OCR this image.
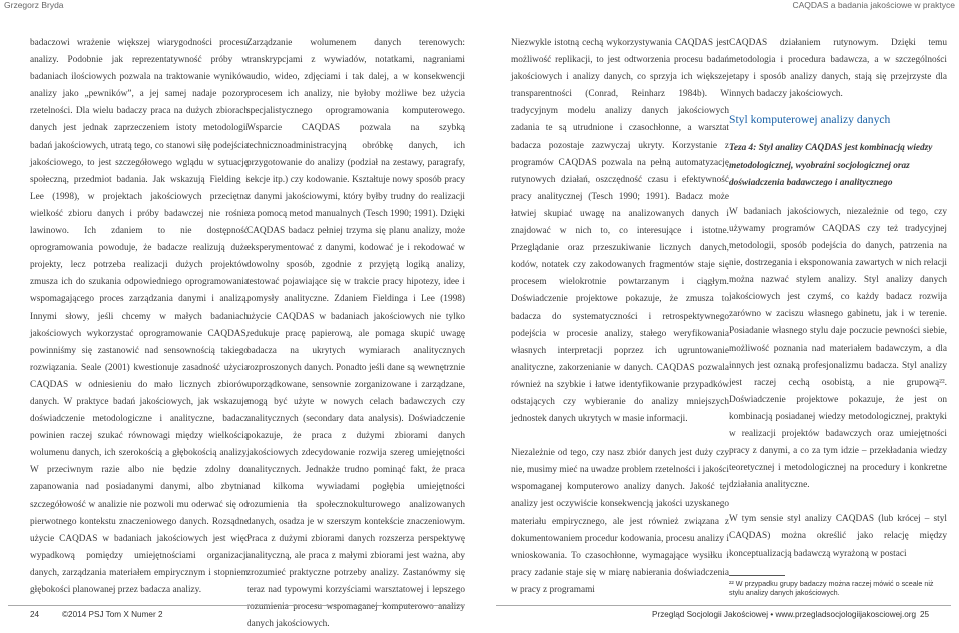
Grzegorz Bryda	CAQDAS a badania jakościowe w praktyce

badaczowi wrażenie większej wiarygodności procesu analizy. Podobnie jak reprezentatywność próby w badaniach ilościowych pozwala na traktowanie wyników analizy jako „pewników”, a jej samej nadaje pozory rzetelności. Dla wielu badaczy praca na dużych zbiorach danych jest jednak zaprzeczeniem istoty metodologii badań jakościowych, utratą tego, co stanowi siłę podejścia jakościowego, to jest szczegółowego wglądu w sytuację społeczną, przedmiot badania. Jak wskazują Fielding i Lee (1998), w projektach jakościowych przeciętna wielkość zbioru danych i próby badawczej nie rośnie lawinowo. Ich zdaniem to nie dostępność oprogramowania powoduje, że badacze realizują duże projekty, lecz potrzeba realizacji dużych projektów zmusza ich do szukania odpowiedniego oprogramowania wspomagającego proces zarządzania danymi i analizą. Innymi słowy, jeśli chcemy w małych badaniach jakościowych wykorzystać oprogramowanie CAQDAS, powinniśmy się zastanowić nad sensownością takiego rozwiązania. Seale (2001) kwestionuje zasadność użycia CAQDAS w odniesieniu do mało licznych zbiorów danych. W praktyce badań jakościowych, jak wskazuje doświadczenie metodologiczne i analityczne, badacz powinien raczej szukać równowagi między wielkością wolumenu danych, ich szerokością a głębokością analizy. W przeciwnym razie albo nie będzie zdolny do zapanowania nad posiadanymi danymi, albo zbytnia szczegółowość w analizie nie pozwoli mu oderwać się od pierwotnego kontekstu znaczeniowego danych. Rozsądne użycie CAQDAS w badaniach jakościowych jest więc wypadkową pomiędzy umiejętnościami organizacji danych, zarządzania materiałem empirycznym i stopniem głębokości planowanej przez badacza analizy.

Zarządzanie wolumenem danych terenowych: transkrypcjami z wywiadów, notatkami, nagraniami audio, wideo, zdjęciami i tak dalej, a w konsekwencji procesem ich analizy, nie byłoby możliwe bez użycia specjalistycznego oprogramowania komputerowego. Wsparcie CAQDAS pozwala na szybką technicznoadministracyjną obróbkę danych, ich przygotowanie do analizy (podział na zestawy, paragrafy, sekcje itp.) czy kodowanie. Kształtuje nowy sposób pracy z danymi jakościowymi, który byłby trudny do realizacji za pomocą metod manualnych (Tesch 1990; 1991). Dzięki CAQDAS badacz pełniej trzyma się planu analizy, może eksperymentować z danymi, kodować je i rekodować w dowolny sposób, zgodnie z przyjętą logiką analizy, testować pojawiające się w trakcie pracy hipotezy, idee i pomysły analityczne. Zdaniem Fieldinga i Lee (1998) użycie CAQDAS w badaniach jakościowych nie tylko redukuje pracę papierową, ale pomaga skupić uwagę badacza na ukrytych wymiarach analitycznych rozproszonych danych. Ponadto jeśli dane są wewnętrznie uporządkowane, sensownie zorganizowane i zarządzane, mogą być użyte w nowych celach badawczych czy analitycznych (secondary data analysis). Doświadczenie pokazuje, że praca z dużymi zbiorami danych jakościowych zdecydowanie rozwija szereg umiejętności analitycznych. Jednakże trudno pominąć fakt, że praca nad kilkoma wywiadami pogłębia umiejętności rozumienia tła społecznokulturowego analizowanych danych, osadza je w szerszym kontekście znaczeniowym. Praca z dużymi zbiorami danych rozszerza perspektywę analityczną, ale praca z małymi zbiorami jest ważna, aby zrozumieć praktyczne potrzeby analizy. Zastanówmy się teraz nad typowymi korzyściami warsztatowej i lepszego rozumienia procesu wspomaganej komputerowo analizy danych jakościowych.

Niezwykle istotną cechą wykorzystywania CAQDAS jest możliwość replikacji, to jest odtworzenia procesu badań jakościowych i analizy danych, co sprzyja ich większej transparentności (Conrad, Reinharz 1984b). W tradycyjnym modelu analizy danych jakościowych zadania te są utrudnione i czasochłonne, a warsztat badacza pozostaje zazwyczaj ukryty. Korzystanie z programów CAQDAS pozwala na pełną automatyzację rutynowych działań, oszczędność czasu i efektywność pracy analitycznej (Tesch 1990; 1991). Badacz może łatwiej skupiać uwagę na analizowanych danych i znajdować w nich to, co interesujące i istotne. Przeglądanie oraz przeszukiwanie licznych danych, kodów, notatek czy zakodowanych fragmentów staje się procesem wielokrotnie powtarzanym i ciągłym. Doświadczenie projektowe pokazuje, że zmusza to badacza do systematyczności i retrospektywnego podejścia w procesie analizy, stałego weryfikowania własnych interpretacji poprzez ich ugruntowanie analityczne, zakorzenianie w danych. CAQDAS pozwala również na szybkie i łatwe identyfikowanie przypadków odstających czy wybieranie do analizy mniejszych jednostek danych ukrytych w masie informacji.

Niezależnie od tego, czy nasz zbiór danych jest duży czy nie, musimy mieć na uwadze problem rzetelności i jakości wspomaganej komputerowo analizy danych. Jakość tej analizy jest oczywiście konsekwencją jakości uzyskanego materiału empirycznego, ale jest również związana z dokumentowaniem procedur kodowania, procesu analizy i wnioskowania. To czasochłonne, wymagające wysiłku i pracy zadanie staje się w miarę nabierania doświadczenia w pracy z programami

CAQDAS działaniem rutynowym. Dzięki temu metodologia i procedura badawcza, a w szczególności etapy i sposób analizy danych, stają się przejrzyste dla innych badaczy jakościowych.

Styl komputerowej analizy danych
Teza 4: Styl analizy CAQDAS jest kombinacją wiedzy metodologicznej, wyobraźni socjologicznej oraz doświadczenia badawczego i analitycznego

W badaniach jakościowych, niezależnie od tego, czy używamy programów CAQDAS czy też tradycyjnej metodologii, sposób podejścia do danych, patrzenia na nie, dostrzegania i eksponowania zawartych w nich relacji można nazwać stylem analizy. Styl analizy danych jakościowych jest czymś, co każdy badacz rozwija zarówno w zaciszu własnego gabinetu, jak i w terenie. Posiadanie własnego stylu daje poczucie pewności siebie, możliwość poznania nad materiałem badawczym, a dla innych jest oznaką profesjonalizmu badacza. Styl analizy jest raczej cechą osobistą, a nie grupową²². Doświadczenie projektowe pokazuje, że jest on kombinacją posiadanej wiedzy metodologicznej, praktyki w realizacji projektów badawczych oraz umiejętności pracy z danymi, a co za tym idzie – przekładania wiedzy teoretycznej i metodologicznej na procedury i konkretne działania analityczne.

W tym sensie styl analizy CAQDAS (lub krócej – styl CAQDAS) można określić jako relację między konceptualizacją badawczą wyrażoną w postaci

²² W przypadku grupy badaczy można raczej mówić o sceale niż stylu analizy danych jakościowych.
24	©2014 PSJ Tom X Numer 2	Przegląd Socjologii Jakościowej • www.przegladsocjologiijakosciowej.org 25
